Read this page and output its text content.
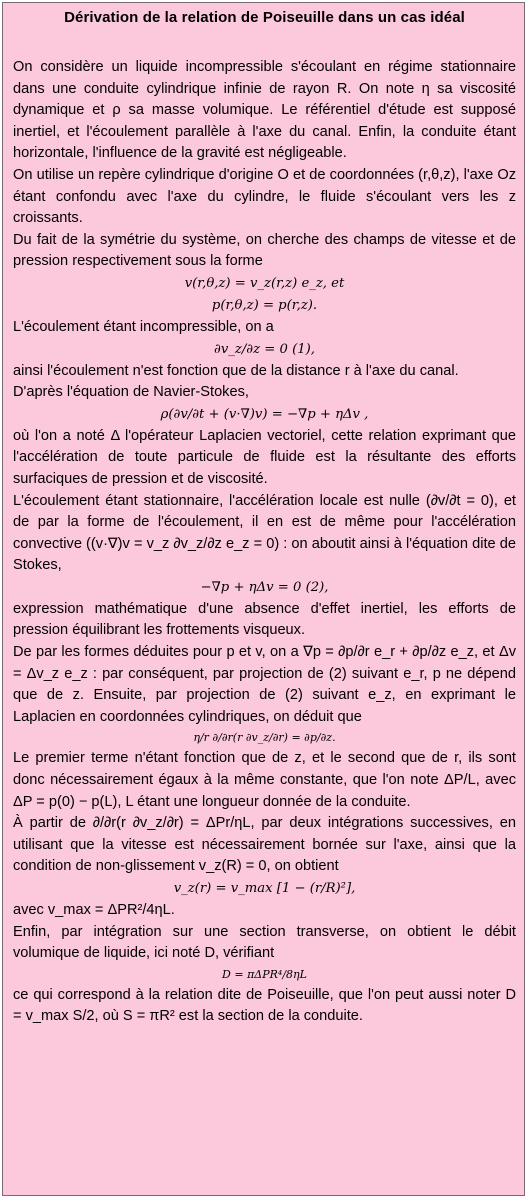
Dérivation de la relation de Poiseuille dans un cas idéal

On considère un liquide incompressible s'écoulant en régime stationnaire dans une conduite cylindrique infinie de rayon R. On note η sa viscosité dynamique et ρ sa masse volumique. Le référentiel d'étude est supposé inertiel, et l'écoulement parallèle à l'axe du canal. Enfin, la conduite étant horizontale, l'influence de la gravité est négligeable.

On utilise un repère cylindrique d'origine O et de coordonnées (r,θ,z), l'axe Oz étant confondu avec l'axe du cylindre, le fluide s'écoulant vers les z croissants.

Du fait de la symétrie du système, on cherche des champs de vitesse et de pression respectivement sous la forme

v(r,θ,z) = v_z(r,z) e_z, et
p(r,θ,z) = p(r,z).

L'écoulement étant incompressible, on a

∂v_z/∂z = 0 (1),

ainsi l'écoulement n'est fonction que de la distance r à l'axe du canal.

D'après l'équation de Navier-Stokes,

ρ(∂v/∂t + (v·∇)v) = −∇p + ηΔv ,

où l'on a noté Δ l'opérateur Laplacien vectoriel, cette relation exprimant que l'accélération de toute particule de fluide est la résultante des efforts surfaciques de pression et de viscosité.

L'écoulement étant stationnaire, l'accélération locale est nulle (∂v/∂t = 0), et de par la forme de l'écoulement, il en est de même pour l'accélération convective ((v·∇)v = v_z ∂v_z/∂z e_z = 0) : on aboutit ainsi à l'équation dite de Stokes,

−∇p + ηΔv = 0 (2),

expression mathématique d'une absence d'effet inertiel, les efforts de pression équilibrant les frottements visqueux.

De par les formes déduites pour p et v, on a ∇p = ∂p/∂r e_r + ∂p/∂z e_z, et Δv = Δv_z e_z : par conséquent, par projection de (2) suivant e_r, p ne dépend que de z. Ensuite, par projection de (2) suivant e_z, en exprimant le Laplacien en coordonnées cylindriques, on déduit que

η/r ∂/∂r(r ∂v_z/∂r) = ∂p/∂z.

Le premier terme n'étant fonction que de z, et le second que de r, ils sont donc nécessairement égaux à la même constante, que l'on note ΔP/L, avec ΔP = p(0) − p(L), L étant une longueur donnée de la conduite.

À partir de ∂/∂r(r ∂v_z/∂r) = ΔPr/ηL, par deux intégrations successives, en utilisant que la vitesse est nécessairement bornée sur l'axe, ainsi que la condition de non-glissement v_z(R) = 0, on obtient

v_z(r) = v_max [1 − (r/R)²],

avec v_max = ΔPR²/4ηL.

Enfin, par intégration sur une section transverse, on obtient le débit volumique de liquide, ici noté D, vérifiant

D = πΔPR⁴/8ηL

ce qui correspond à la relation dite de Poiseuille, que l'on peut aussi noter D = v_max S/2, où S = πR² est la section de la conduite.
